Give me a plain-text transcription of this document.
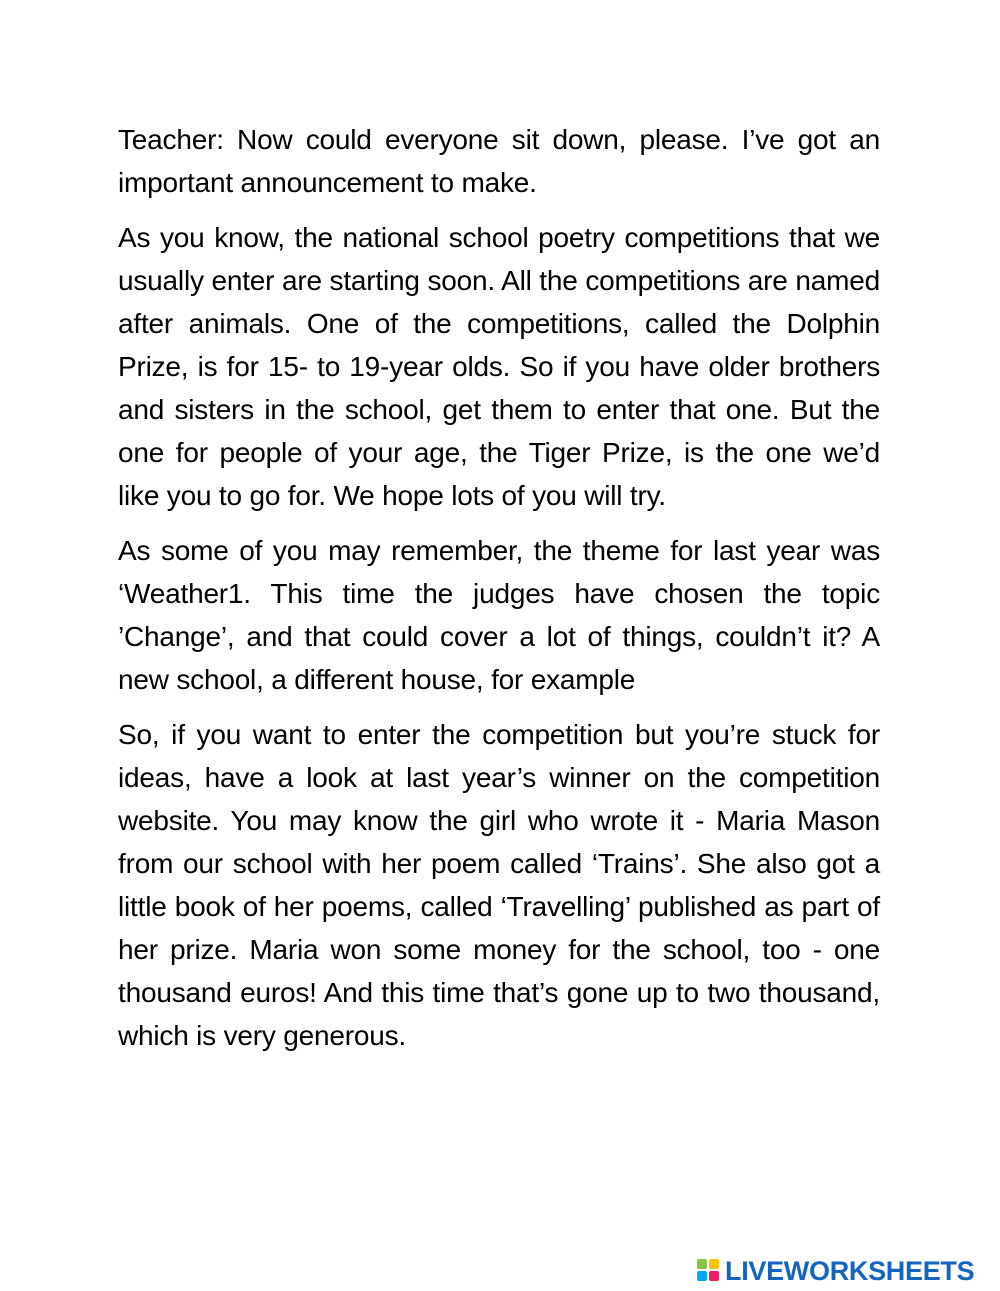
Teacher: Now could everyone sit down, please. I’ve got an important announcement to make.

As you know, the national school poetry competitions that we usually enter are starting soon. All the competitions are named after animals. One of the competitions, called the Dolphin Prize, is for 15- to 19-year olds. So if you have older brothers and sisters in the school, get them to enter that one. But the one for people of your age, the Tiger Prize, is the one we’d like you to go for. We hope lots of you will try.

As some of you may remember, the theme for last year was ‘Weather1. This time the judges have chosen the topic ’Change’, and that could cover a lot of things, couldn’t it? A new school, a different house, for example

So, if you want to enter the competition but you’re stuck for ideas, have a look at last year’s winner on the competition website. You may know the girl who wrote it - Maria Mason from our school with her poem called ‘Trains’. She also got a little book of her poems, called ‘Travelling’ published as part of her prize. Maria won some money for the school, too - one thousand euros! And this time that’s gone up to two thousand, which is very generous.

LIVEWORKSHEETS
